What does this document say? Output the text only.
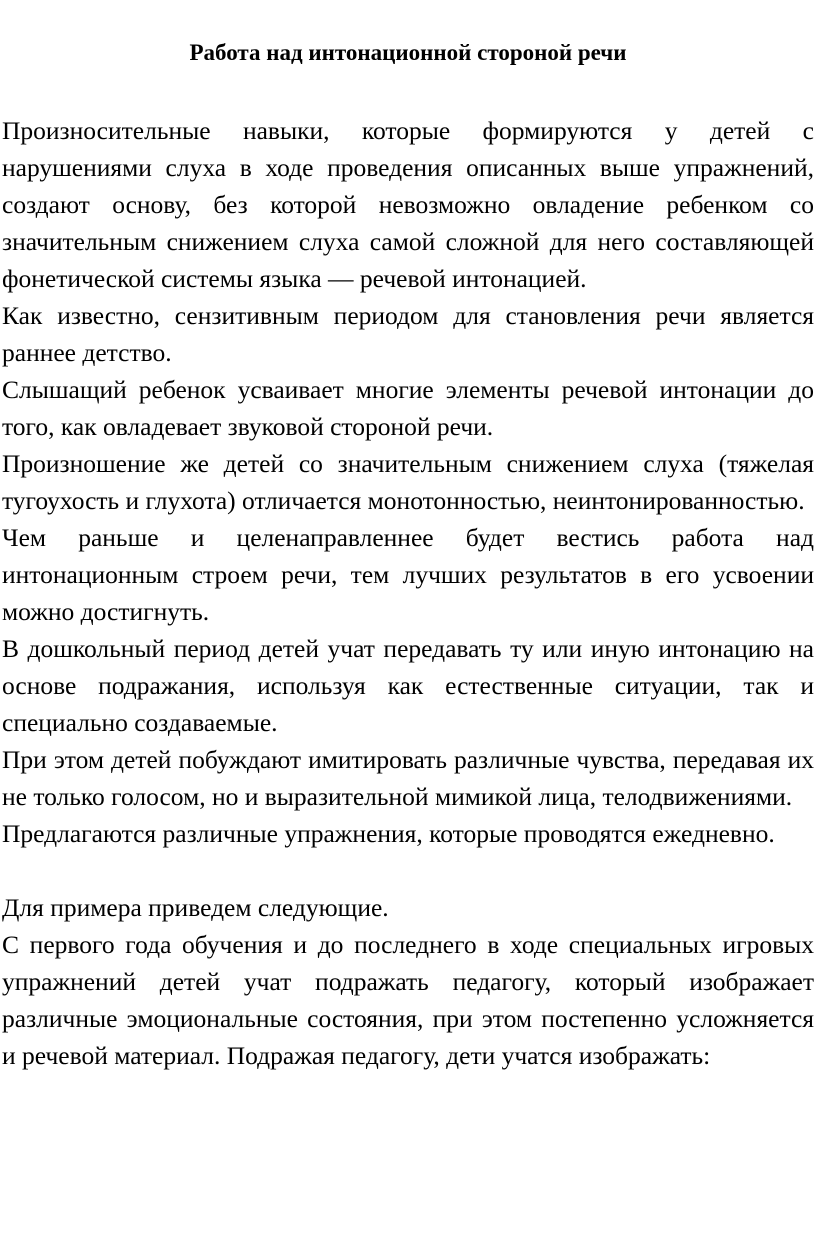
Работа над интонационной стороной речи

Произносительные навыки, которые формируются у детей с нарушениями слуха в ходе проведения описанных выше упражнений, создают основу, без которой невозможно овладение ребенком со значительным снижением слуха самой сложной для него составляющей фонетической системы языка — речевой интонацией.

Как известно, сензитивным периодом для становления речи является раннее детство.

Слышащий ребенок усваивает многие элементы речевой интонации до того, как овладевает звуковой стороной речи.

Произношение же детей со значительным снижением слуха (тяжелая тугоухость и глухота) отличается монотонностью, неинтонированностью.

Чем раньше и целенаправленнее будет вестись работа над интонационным строем речи, тем лучших результатов в его усвоении можно достигнуть.

В дошкольный период детей учат передавать ту или иную интонацию на основе подражания, используя как естественные ситуации, так и специально создаваемые.

При этом детей побуждают имитировать различные чувства, передавая их не только голосом, но и выразительной мимикой лица, телодвижениями.

Предлагаются различные упражнения, которые проводятся ежедневно.

Для примера приведем следующие.

С первого года обучения и до последнего в ходе специальных игровых упражнений детей учат подражать педагогу, который изображает различные эмоциональные состояния, при этом постепенно усложняется и речевой материал. Подражая педагогу, дети учатся изображать:
